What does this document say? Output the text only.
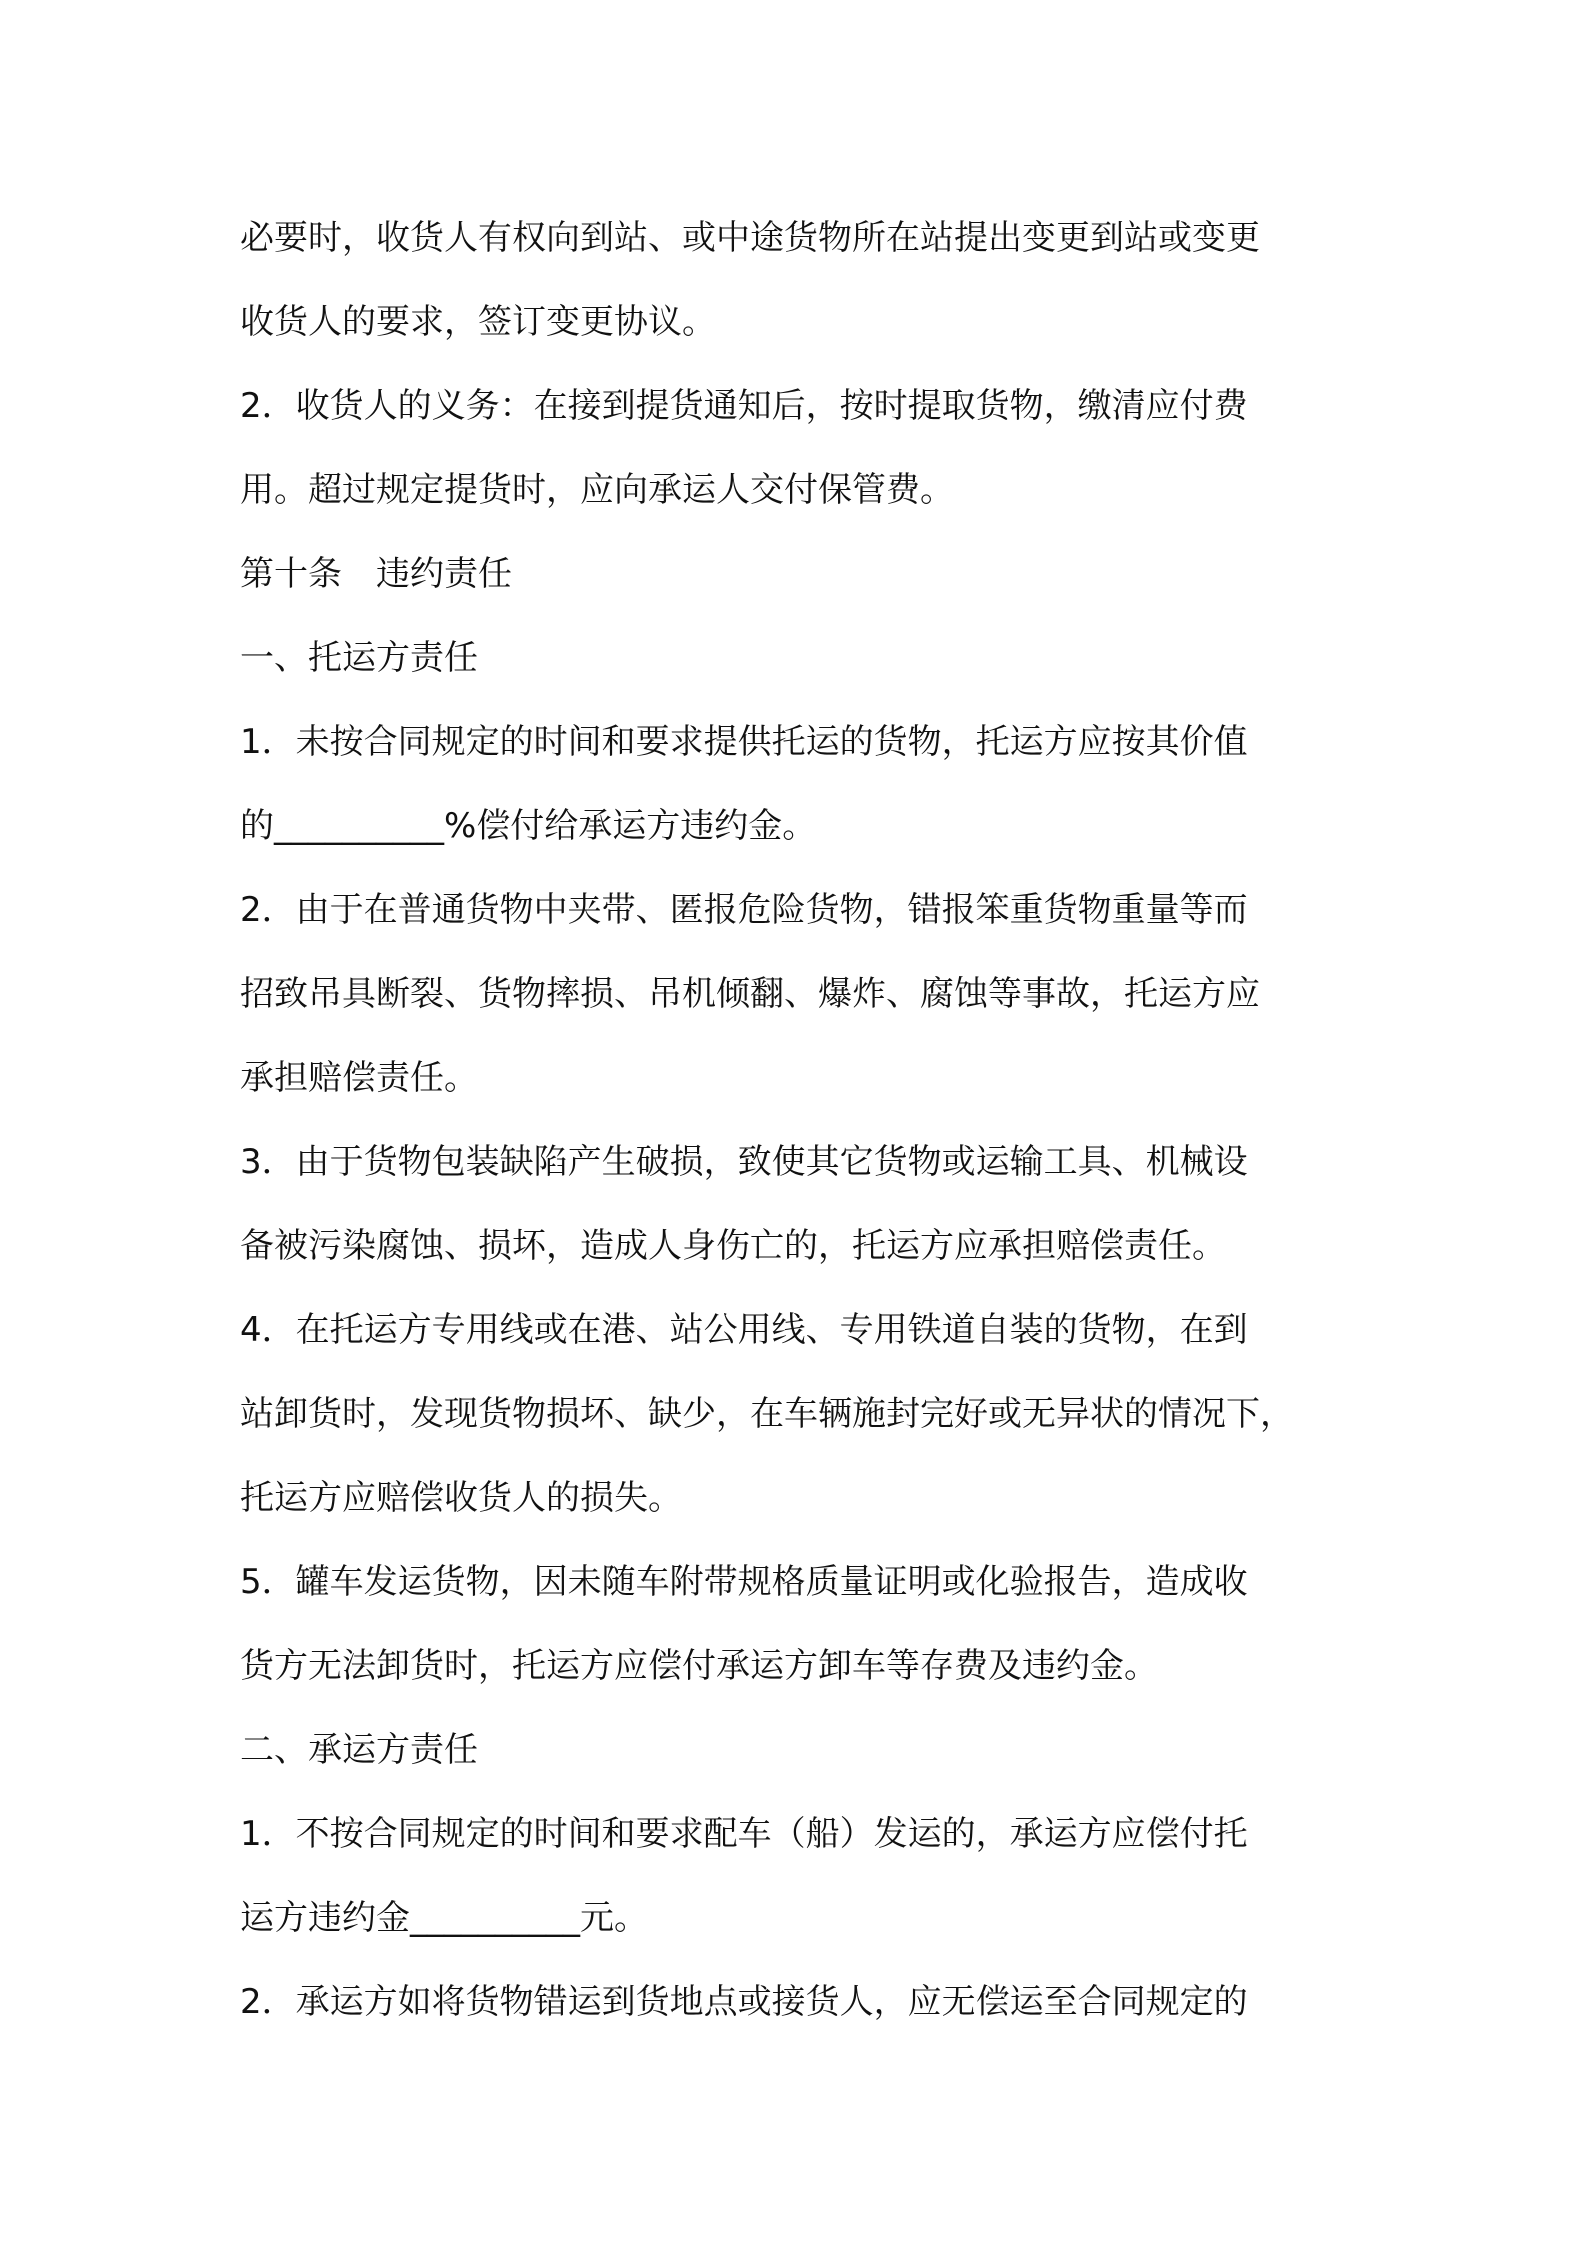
必要时，收货人有权向到站、或中途货物所在站提出变更到站或变更
收货人的要求，签订变更协议。
2．收货人的义务：在接到提货通知后，按时提取货物，缴清应付费
用。超过规定提货时，应向承运人交付保管费。
第十条　违约责任
一、托运方责任
1．未按合同规定的时间和要求提供托运的货物，托运方应按其价值
的__________%偿付给承运方违约金。
2．由于在普通货物中夹带、匿报危险货物，错报笨重货物重量等而
招致吊具断裂、货物摔损、吊机倾翻、爆炸、腐蚀等事故，托运方应
承担赔偿责任。
3．由于货物包装缺陷产生破损，致使其它货物或运输工具、机械设
备被污染腐蚀、损坏，造成人身伤亡的，托运方应承担赔偿责任。
4．在托运方专用线或在港、站公用线、专用铁道自装的货物，在到
站卸货时，发现货物损坏、缺少，在车辆施封完好或无异状的情况下，
托运方应赔偿收货人的损失。
5．罐车发运货物，因未随车附带规格质量证明或化验报告，造成收
货方无法卸货时，托运方应偿付承运方卸车等存费及违约金。
二、承运方责任
1．不按合同规定的时间和要求配车（船）发运的，承运方应偿付托
运方违约金__________元。
2．承运方如将货物错运到货地点或接货人，应无偿运至合同规定的
